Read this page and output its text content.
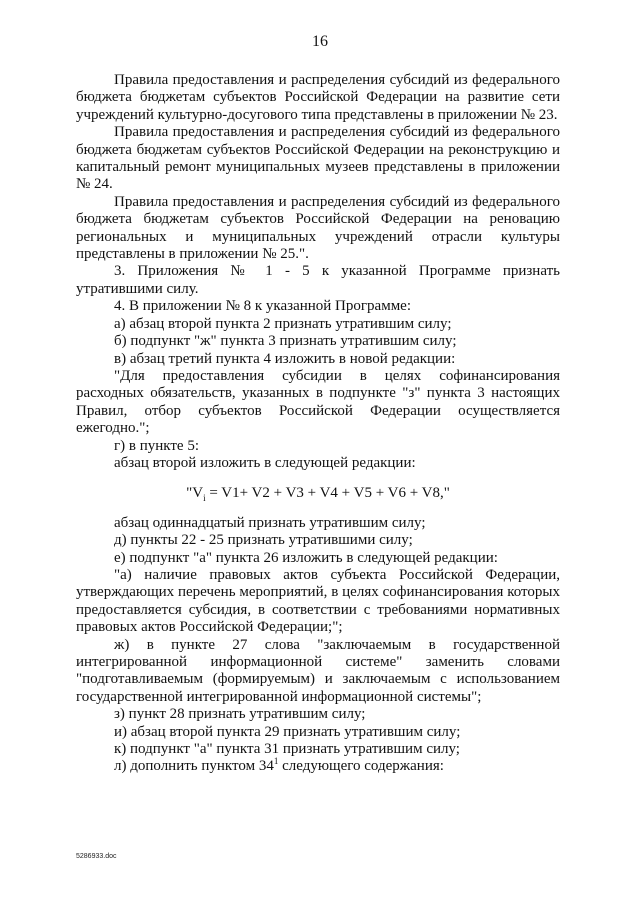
16

Правила предоставления и распределения субсидий из федерального бюджета бюджетам субъектов Российской Федерации на развитие сети учреждений культурно-досугового типа представлены в приложении № 23.

Правила предоставления и распределения субсидий из федерального бюджета бюджетам субъектов Российской Федерации на реконструкцию и капитальный ремонт муниципальных музеев представлены в приложении № 24.

Правила предоставления и распределения субсидий из федерального бюджета бюджетам субъектов Российской Федерации на реновацию региональных и муниципальных учреждений отрасли культуры представлены в приложении № 25.".

3. Приложения № 1 - 5 к указанной Программе признать утратившими силу.

4. В приложении № 8 к указанной Программе:

а) абзац второй пункта 2 признать утратившим силу;

б) подпункт "ж" пункта 3 признать утратившим силу;

в) абзац третий пункта 4 изложить в новой редакции:

"Для предоставления субсидии в целях софинансирования расходных обязательств, указанных в подпункте "з" пункта 3 настоящих Правил, отбор субъектов Российской Федерации осуществляется ежегодно.";

г) в пункте 5:

абзац второй изложить в следующей редакции:

"$V_i = V1+ V2 + V3 + V4 + V5 + V6 + V8$,"

абзац одиннадцатый признать утратившим силу;

д) пункты 22 - 25 признать утратившими силу;

е) подпункт "а" пункта 26 изложить в следующей редакции:

"а) наличие правовых актов субъекта Российской Федерации, утверждающих перечень мероприятий, в целях софинансирования которых предоставляется субсидия, в соответствии с требованиями нормативных правовых актов Российской Федерации;";

ж) в пункте 27 слова "заключаемым в государственной интегрированной информационной системе" заменить словами "подготавливаемым (формируемым) и заключаемым с использованием государственной интегрированной информационной системы";

з) пункт 28 признать утратившим силу;

и) абзац второй пункта 29 признать утратившим силу;

к) подпункт "а" пункта 31 признать утратившим силу;

л) дополнить пунктом $34^1$ следующего содержания:

5286933.doc
